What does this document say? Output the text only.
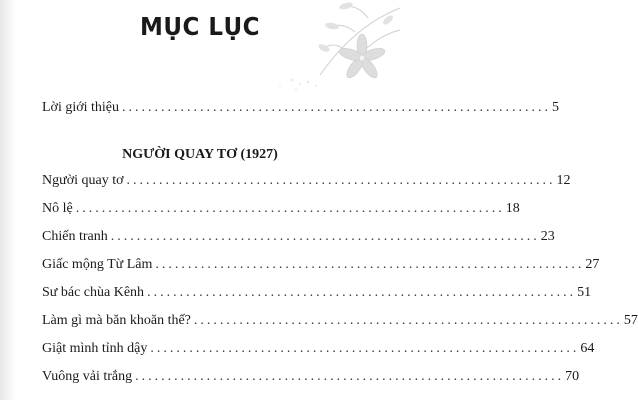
MỤC LỤC
Lời giới thiệu .................................................................. 5
NGƯỜI QUAY TƠ (1927)
Người quay tơ .................................................................. 12
Nô lệ .................................................................. 18
Chiến tranh .................................................................. 23
Giấc mộng Từ Lâm .................................................................. 27
Sư bác chùa Kênh .................................................................. 51
Làm gì mà băn khoăn thế? .................................................................. 57
Giật mình tỉnh dậy .................................................................. 64
Vuông vải trắng .................................................................. 70
